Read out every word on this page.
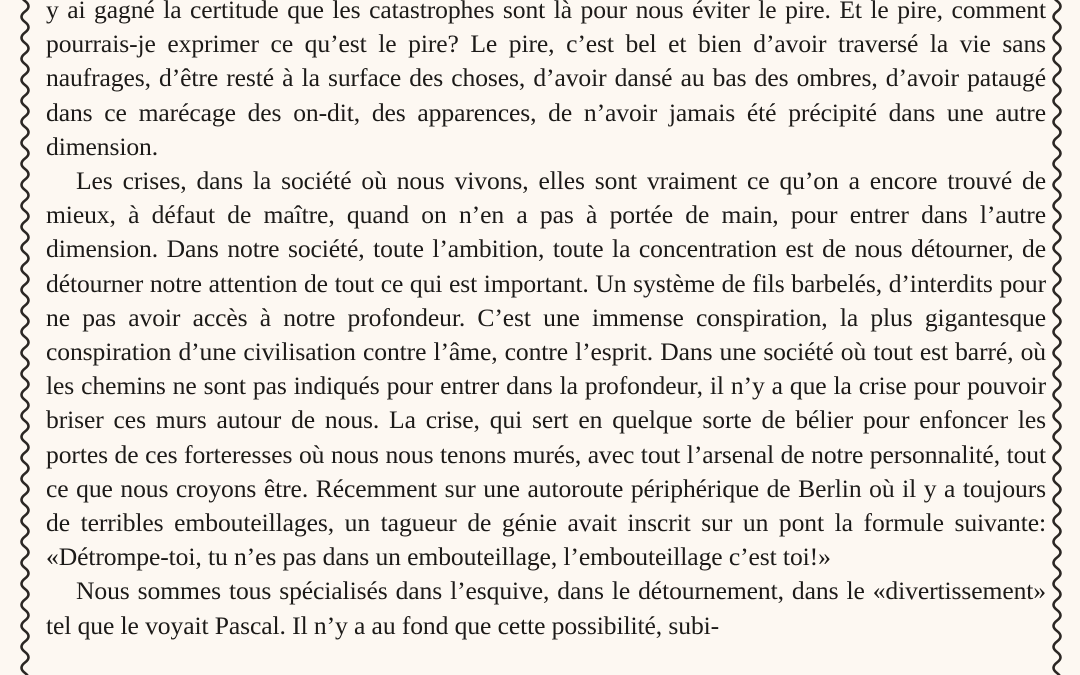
y ai gagné la certitude que les catastrophes sont là pour nous éviter le pire. Et le pire, comment pourrais-je exprimer ce qu’est le pire? Le pire, c’est bel et bien d’avoir traversé la vie sans naufrages, d’être resté à la surface des choses, d’avoir dansé au bas des ombres, d’avoir pataugé dans ce marécage des on-dit, des apparences, de n’avoir jamais été précipité dans une autre dimension.

Les crises, dans la société où nous vivons, elles sont vraiment ce qu’on a encore trouvé de mieux, à défaut de maître, quand on n’en a pas à portée de main, pour entrer dans l’autre dimension. Dans notre société, toute l’ambition, toute la concentration est de nous détourner, de détourner notre attention de tout ce qui est important. Un système de fils barbelés, d’interdits pour ne pas avoir accès à notre profondeur. C’est une immense conspiration, la plus gigantesque conspiration d’une civilisation contre l’âme, contre l’esprit. Dans une société où tout est barré, où les chemins ne sont pas indiqués pour entrer dans la profondeur, il n’y a que la crise pour pouvoir briser ces murs autour de nous. La crise, qui sert en quelque sorte de bélier pour enfoncer les portes de ces forteresses où nous nous tenons murés, avec tout l’arsenal de notre personnalité, tout ce que nous croyons être. Récemment sur une autoroute périphérique de Berlin où il y a toujours de terribles embouteillages, un tagueur de génie avait inscrit sur un pont la formule suivante: «Détrompe-toi, tu n’es pas dans un embouteillage, l’embouteillage c’est toi!»

Nous sommes tous spécialisés dans l’esquive, dans le détournement, dans le «divertissement» tel que le voyait Pascal. Il n’y a au fond que cette possibilité, subi-
